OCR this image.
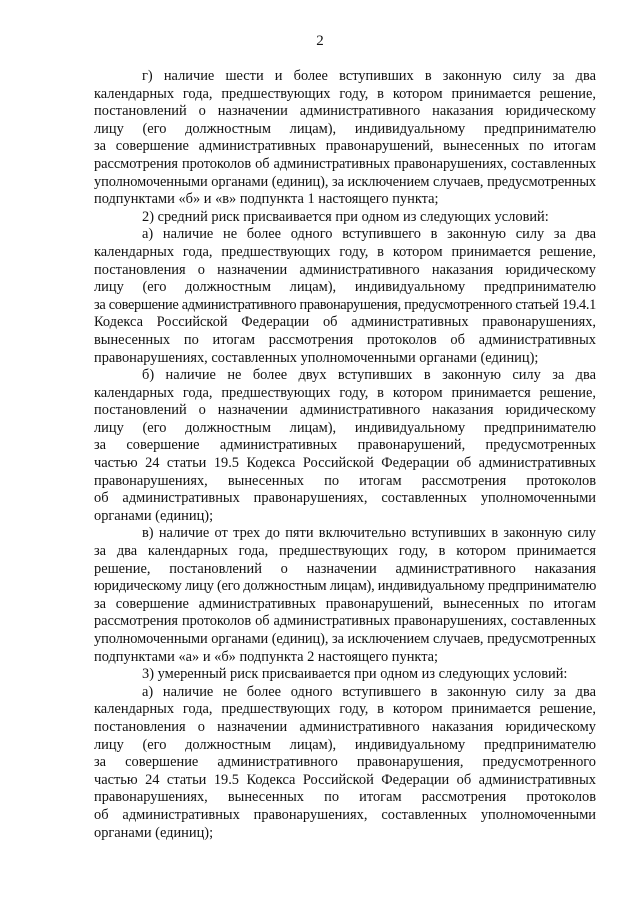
2
г) наличие шести и более вступивших в законную силу за два
календарных года, предшествующих году, в котором принимается решение,
постановлений о назначении административного наказания юридическому
лицу (его должностным лицам), индивидуальному предпринимателю
за совершение административных правонарушений, вынесенных по итогам
рассмотрения протоколов об административных правонарушениях, составленных
уполномоченными органами (единиц), за исключением случаев, предусмотренных
подпунктами «б» и «в» подпункта 1 настоящего пункта;
2) средний риск присваивается при одном из следующих условий:
а) наличие не более одного вступившего в законную силу за два
календарных года, предшествующих году, в котором принимается решение,
постановления о назначении административного наказания юридическому
лицу (его должностным лицам), индивидуальному предпринимателю
за совершение административного правонарушения, предусмотренного статьей 19.4.1
Кодекса Российской Федерации об административных правонарушениях,
вынесенных по итогам рассмотрения протоколов об административных
правонарушениях, составленных уполномоченными органами (единиц);
б) наличие не более двух вступивших в законную силу за два
календарных года, предшествующих году, в котором принимается решение,
постановлений о назначении административного наказания юридическому
лицу (его должностным лицам), индивидуальному предпринимателю
за совершение административных правонарушений, предусмотренных
частью 24 статьи 19.5 Кодекса Российской Федерации об административных
правонарушениях, вынесенных по итогам рассмотрения протоколов
об административных правонарушениях, составленных уполномоченными
органами (единиц);
в) наличие от трех до пяти включительно вступивших в законную силу
за два календарных года, предшествующих году, в котором принимается
решение, постановлений о назначении административного наказания
юридическому лицу (его должностным лицам), индивидуальному предпринимателю
за совершение административных правонарушений, вынесенных по итогам
рассмотрения протоколов об административных правонарушениях, составленных
уполномоченными органами (единиц), за исключением случаев, предусмотренных
подпунктами «а» и «б» подпункта 2 настоящего пункта;
3) умеренный риск присваивается при одном из следующих условий:
а) наличие не более одного вступившего в законную силу за два
календарных года, предшествующих году, в котором принимается решение,
постановления о назначении административного наказания юридическому
лицу (его должностным лицам), индивидуальному предпринимателю
за совершение административного правонарушения, предусмотренного
частью 24 статьи 19.5 Кодекса Российской Федерации об административных
правонарушениях, вынесенных по итогам рассмотрения протоколов
об административных правонарушениях, составленных уполномоченными
органами (единиц);
